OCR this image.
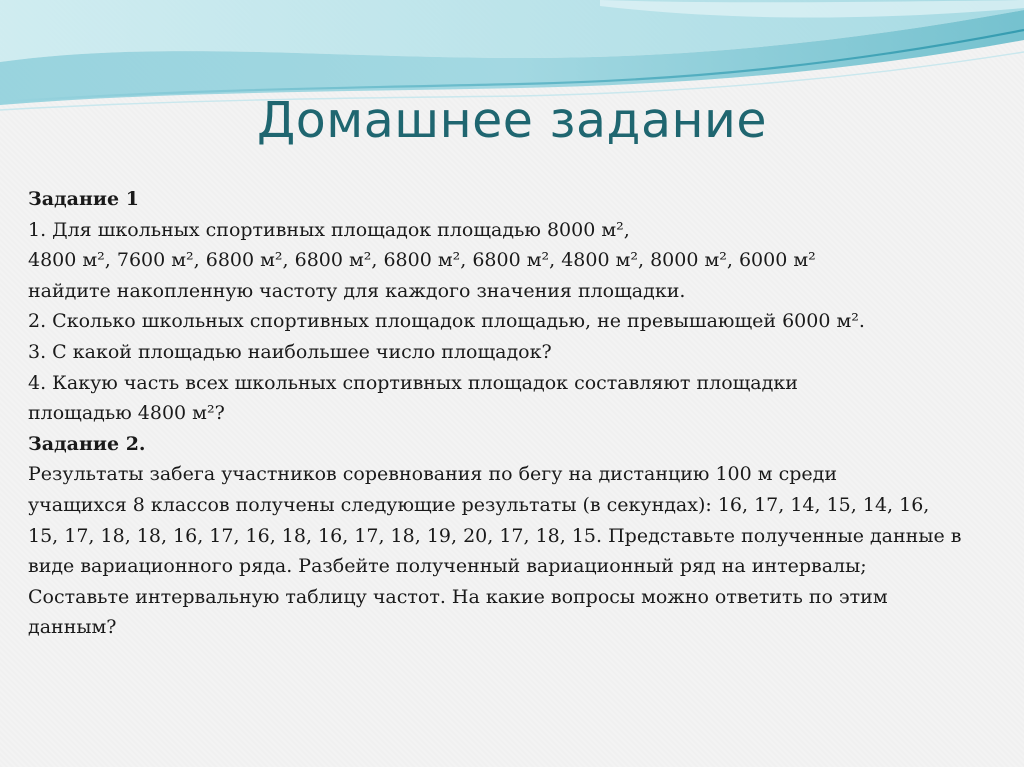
Домашнее задание

Задание 1

1. Для школьных спортивных площадок площадью 8000 м²,

4800 м², 7600 м², 6800 м², 6800 м², 6800 м², 6800 м², 4800 м², 8000 м², 6000 м²

найдите накопленную частоту для каждого значения площадки.

2. Сколько школьных спортивных площадок площадью, не превышающей 6000 м².

3. С какой площадью наибольшее число площадок?

4. Какую часть всех школьных спортивных площадок составляют площадки

площадью 4800 м²?

Задание 2.

Результаты забега участников соревнования по бегу на дистанцию 100 м среди

учащихся 8 классов получены следующие результаты (в секундах): 16, 17, 14, 15, 14, 16,

15, 17, 18, 18, 16, 17, 16, 18, 16, 17, 18, 19, 20, 17, 18, 15. Представьте полученные данные в

виде вариационного ряда. Разбейте полученный вариационный ряд на интервалы;

Составьте интервальную таблицу частот. На какие вопросы можно ответить по этим

данным?
